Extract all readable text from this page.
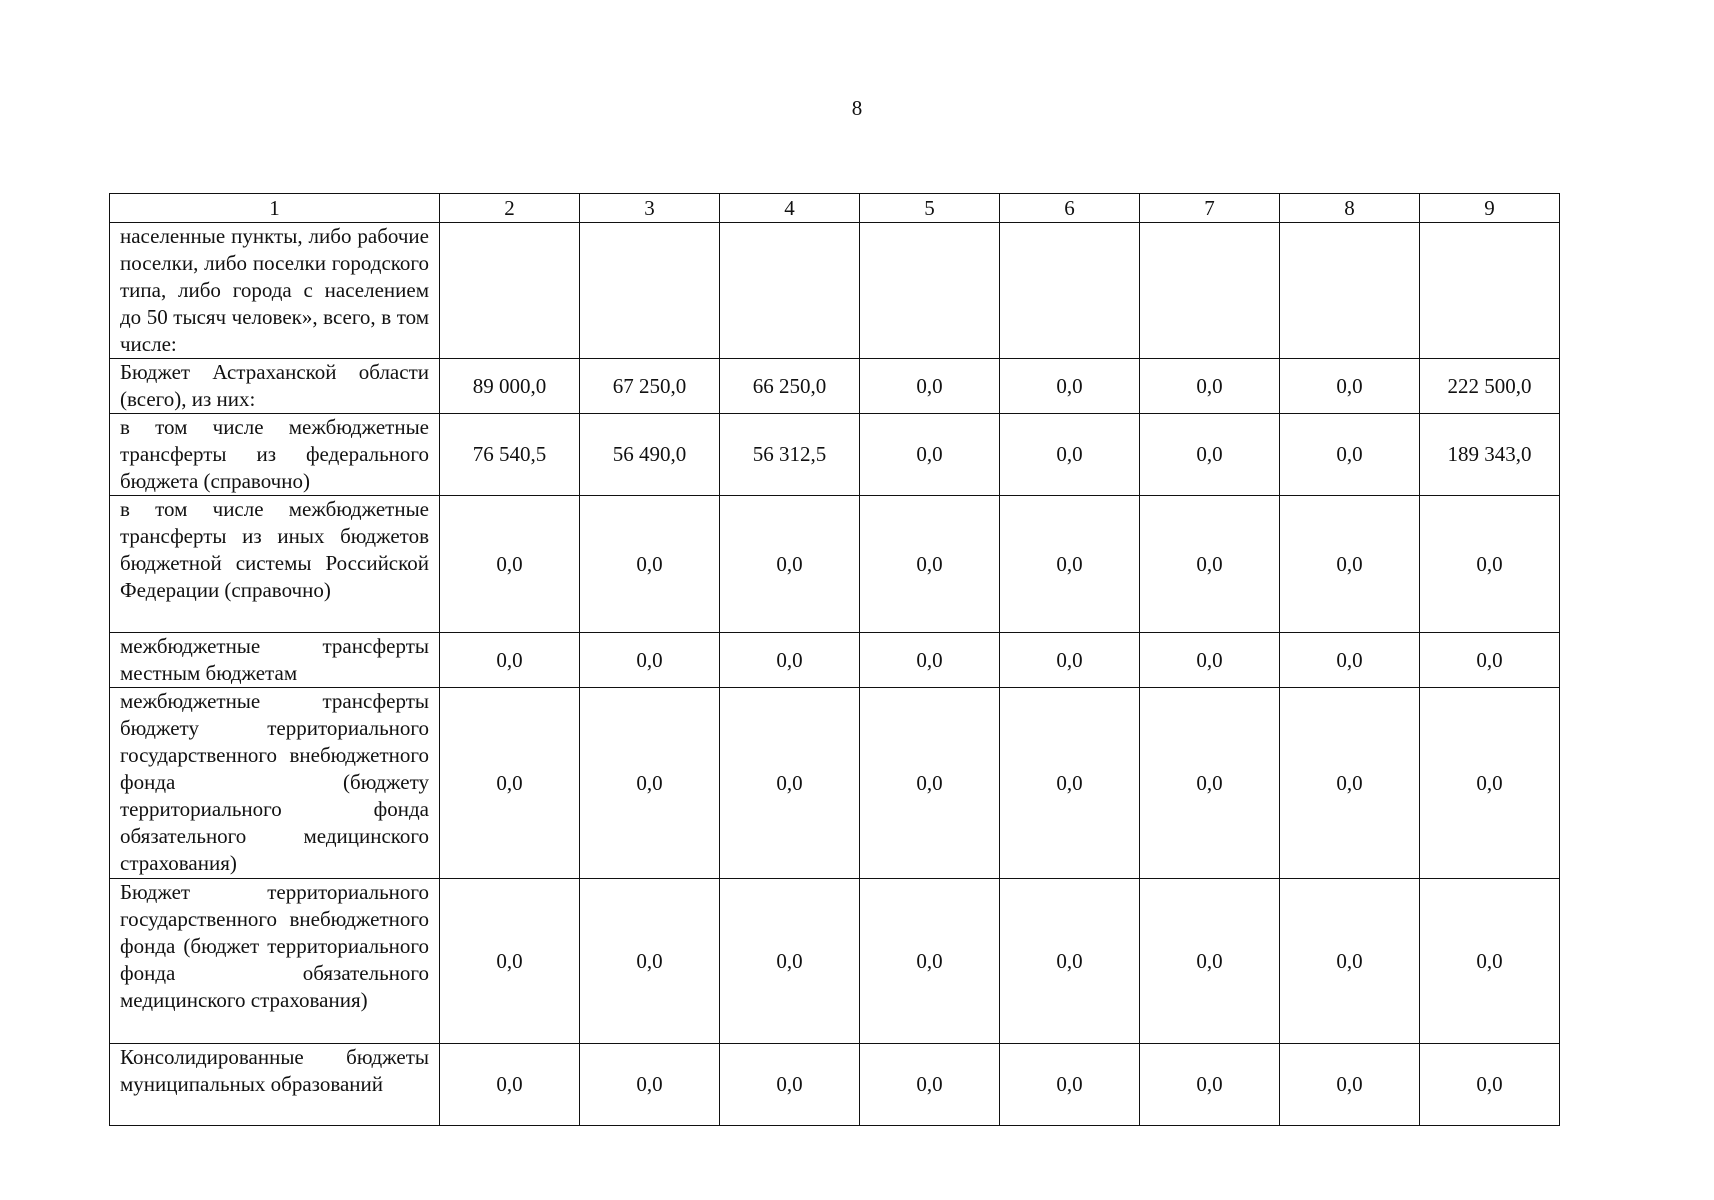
8
1	2	3	4	5	6	7	8	9
населенные пункты, либо рабочие поселки, либо поселки городского типа, либо города с населением до 50 тысяч человек», всего, в том числе:								
Бюджет Астраханской области (всего), из них:	89 000,0	67 250,0	66 250,0	0,0	0,0	0,0	0,0	222 500,0
в том числе межбюджетные трансферты из федерального бюджета (справочно)	76 540,5	56 490,0	56 312,5	0,0	0,0	0,0	0,0	189 343,0
в том числе межбюджетные трансферты из иных бюджетов бюджетной системы Российской Федерации (справочно)	0,0	0,0	0,0	0,0	0,0	0,0	0,0	0,0
межбюджетные трансферты местным бюджетам	0,0	0,0	0,0	0,0	0,0	0,0	0,0	0,0
межбюджетные трансферты бюджету территориального государственного внебюджетного фонда (бюджету территориального фонда обязательного медицинского страхования)	0,0	0,0	0,0	0,0	0,0	0,0	0,0	0,0
Бюджет территориального государственного внебюджетного фонда (бюджет территориального фонда обязательного медицинского страхования)	0,0	0,0	0,0	0,0	0,0	0,0	0,0	0,0
Консолидированные бюджеты муниципальных образований	0,0	0,0	0,0	0,0	0,0	0,0	0,0	0,0
